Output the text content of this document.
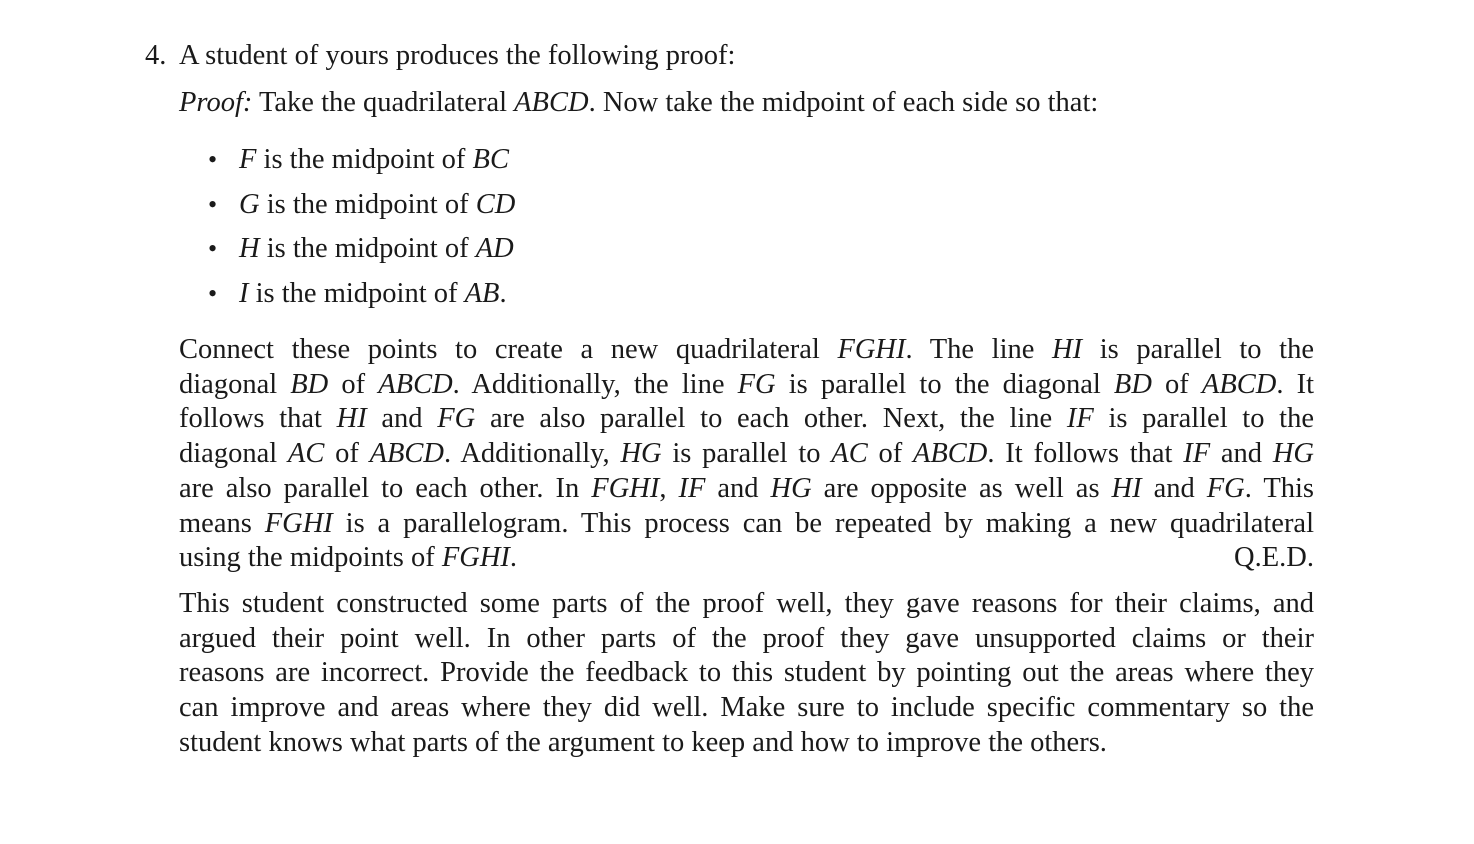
4. A student of yours produces the following proof:
Proof: Take the quadrilateral ABCD. Now take the midpoint of each side so that:
• F is the midpoint of BC
• G is the midpoint of CD
• H is the midpoint of AD
• I is the midpoint of AB.
Connect these points to create a new quadrilateral FGHI. The line HI is parallel to the
diagonal BD of ABCD. Additionally, the line FG is parallel to the diagonal BD of ABCD. It
follows that HI and FG are also parallel to each other. Next, the line IF is parallel to the
diagonal AC of ABCD. Additionally, HG is parallel to AC of ABCD. It follows that IF and HG
are also parallel to each other. In FGHI, IF and HG are opposite as well as HI and FG. This
means FGHI is a parallelogram. This process can be repeated by making a new quadrilateral
using the midpoints of FGHI.	Q.E.D.
This student constructed some parts of the proof well, they gave reasons for their claims, and
argued their point well. In other parts of the proof they gave unsupported claims or their
reasons are incorrect. Provide the feedback to this student by pointing out the areas where they
can improve and areas where they did well. Make sure to include specific commentary so the
student knows what parts of the argument to keep and how to improve the others.
